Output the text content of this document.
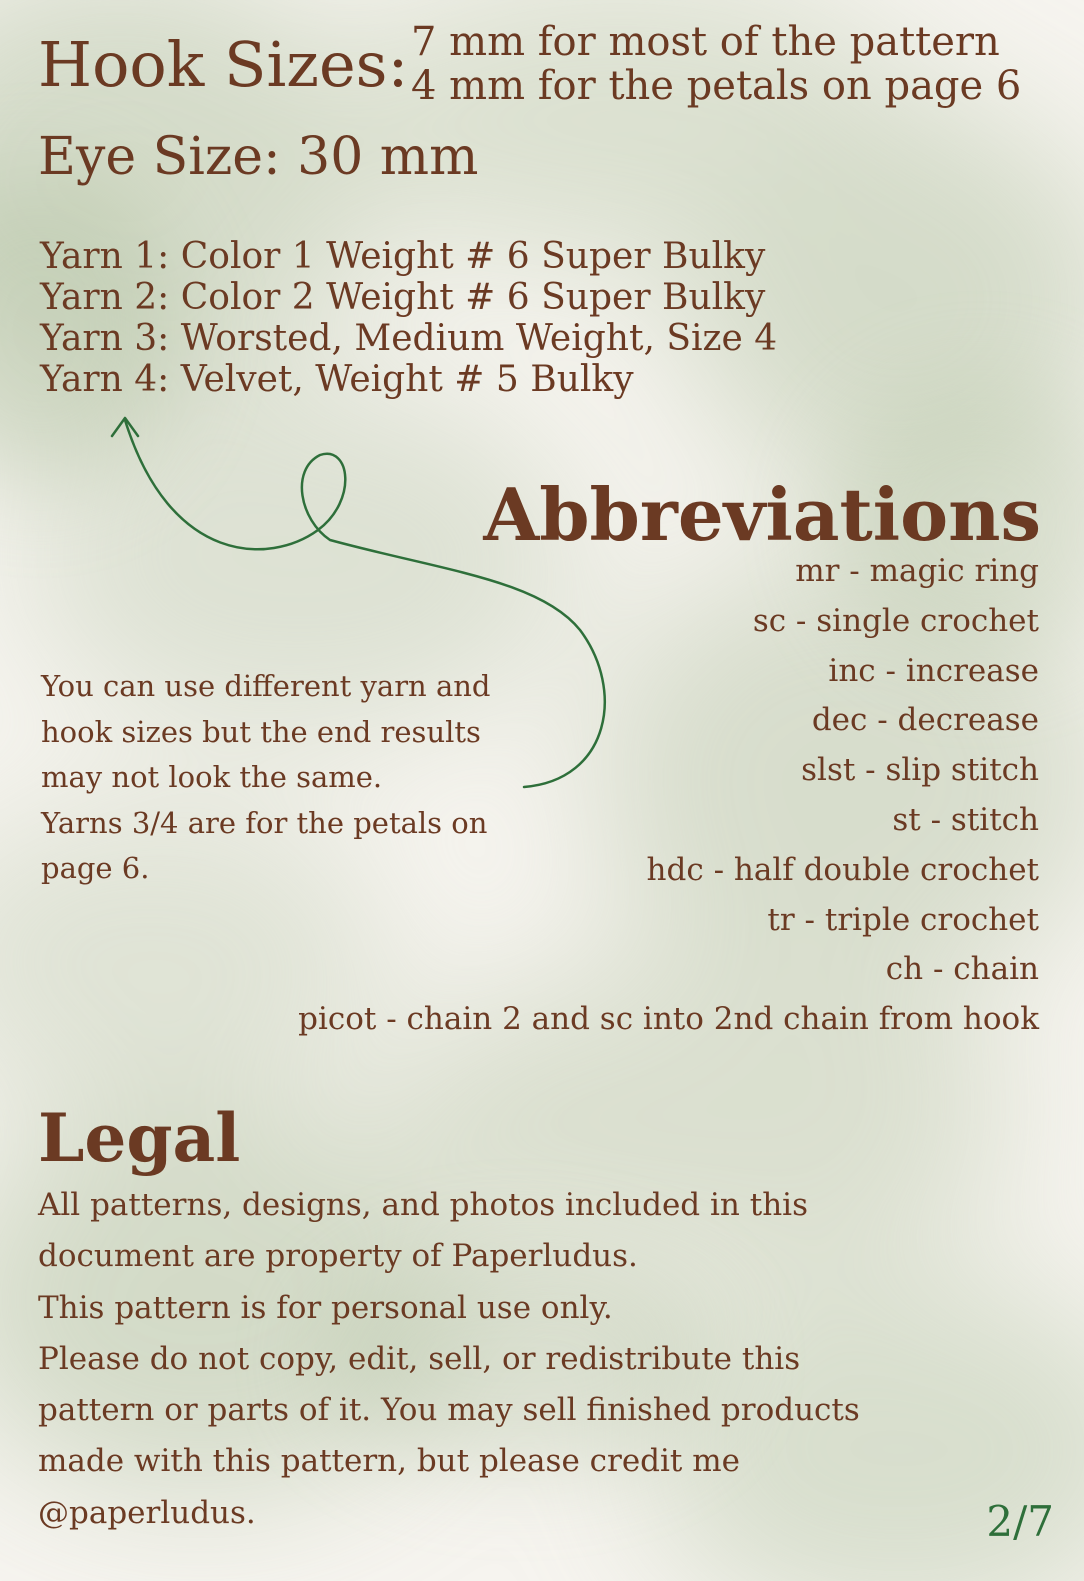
Hook Sizes: 7 mm for most of the pattern
4 mm for the petals on page 6
Eye Size: 30 mm
Yarn 1: Color 1 Weight # 6 Super Bulky
Yarn 2: Color 2 Weight # 6 Super Bulky
Yarn 3: Worsted, Medium Weight, Size 4
Yarn 4: Velvet, Weight # 5 Bulky
You can use different yarn and
hook sizes but the end results
may not look the same.
Yarns 3/4 are for the petals on
page 6.
Abbreviations
mr - magic ring
sc - single crochet
inc - increase
dec - decrease
slst - slip stitch
st - stitch
hdc - half double crochet
tr - triple crochet
ch - chain
picot - chain 2 and sc into 2nd chain from hook
Legal
All patterns, designs, and photos included in this
document are property of Paperludus.
This pattern is for personal use only.
Please do not copy, edit, sell, or redistribute this
pattern or parts of it. You may sell finished products
made with this pattern, but please credit me
@paperludus.	2/7
